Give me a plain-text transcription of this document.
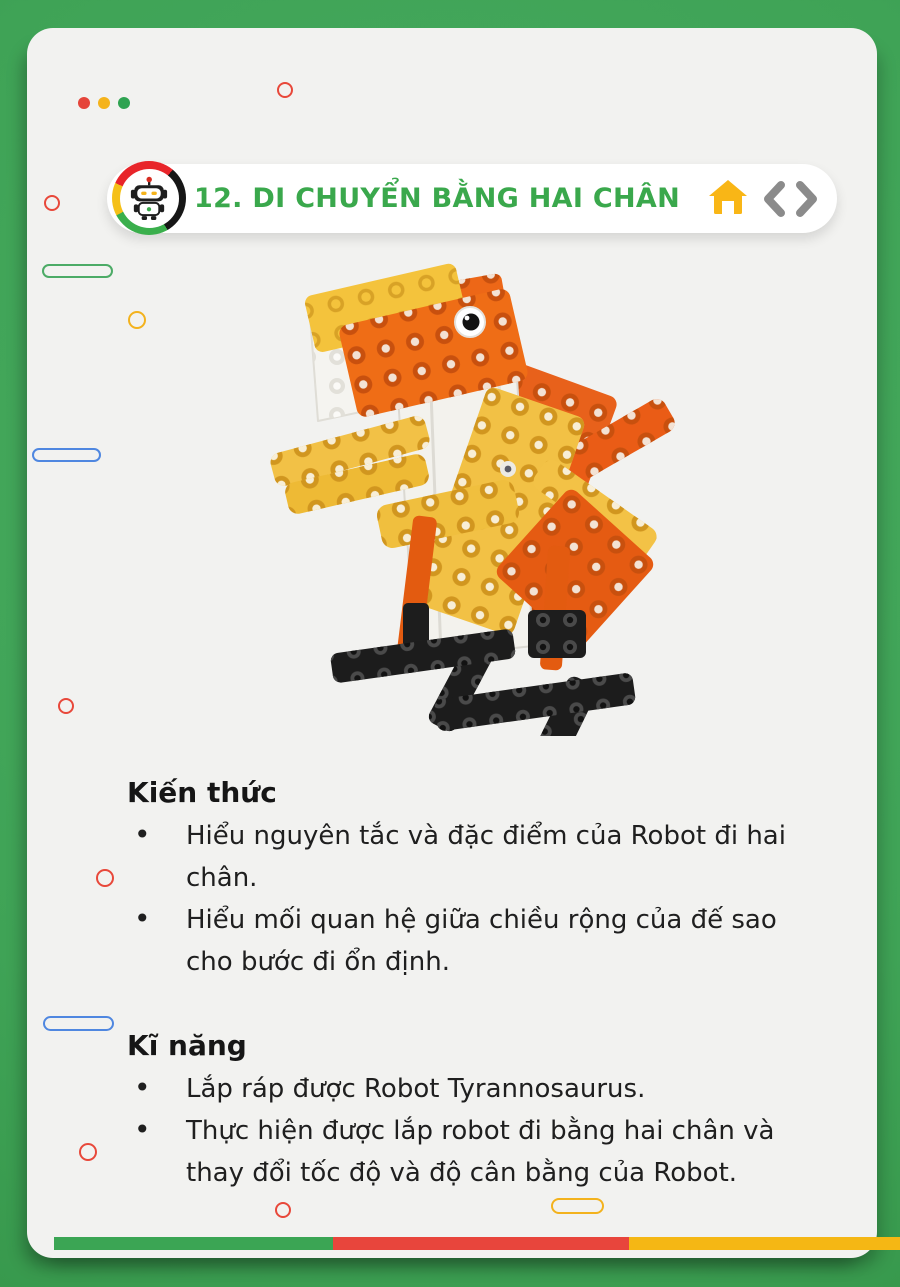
12. DI CHUYỂN BẰNG HAI CHÂN
Kiến thức
•	Hiểu nguyên tắc và đặc điểm của Robot đi hai chân.
•	Hiểu mối quan hệ giữa chiều rộng của đế sao cho bước đi ổn định.
Kĩ năng
•	Lắp ráp được Robot Tyrannosaurus.
•	Thực hiện được lắp robot đi bằng hai chân và thay đổi tốc độ và độ cân bằng của Robot.
